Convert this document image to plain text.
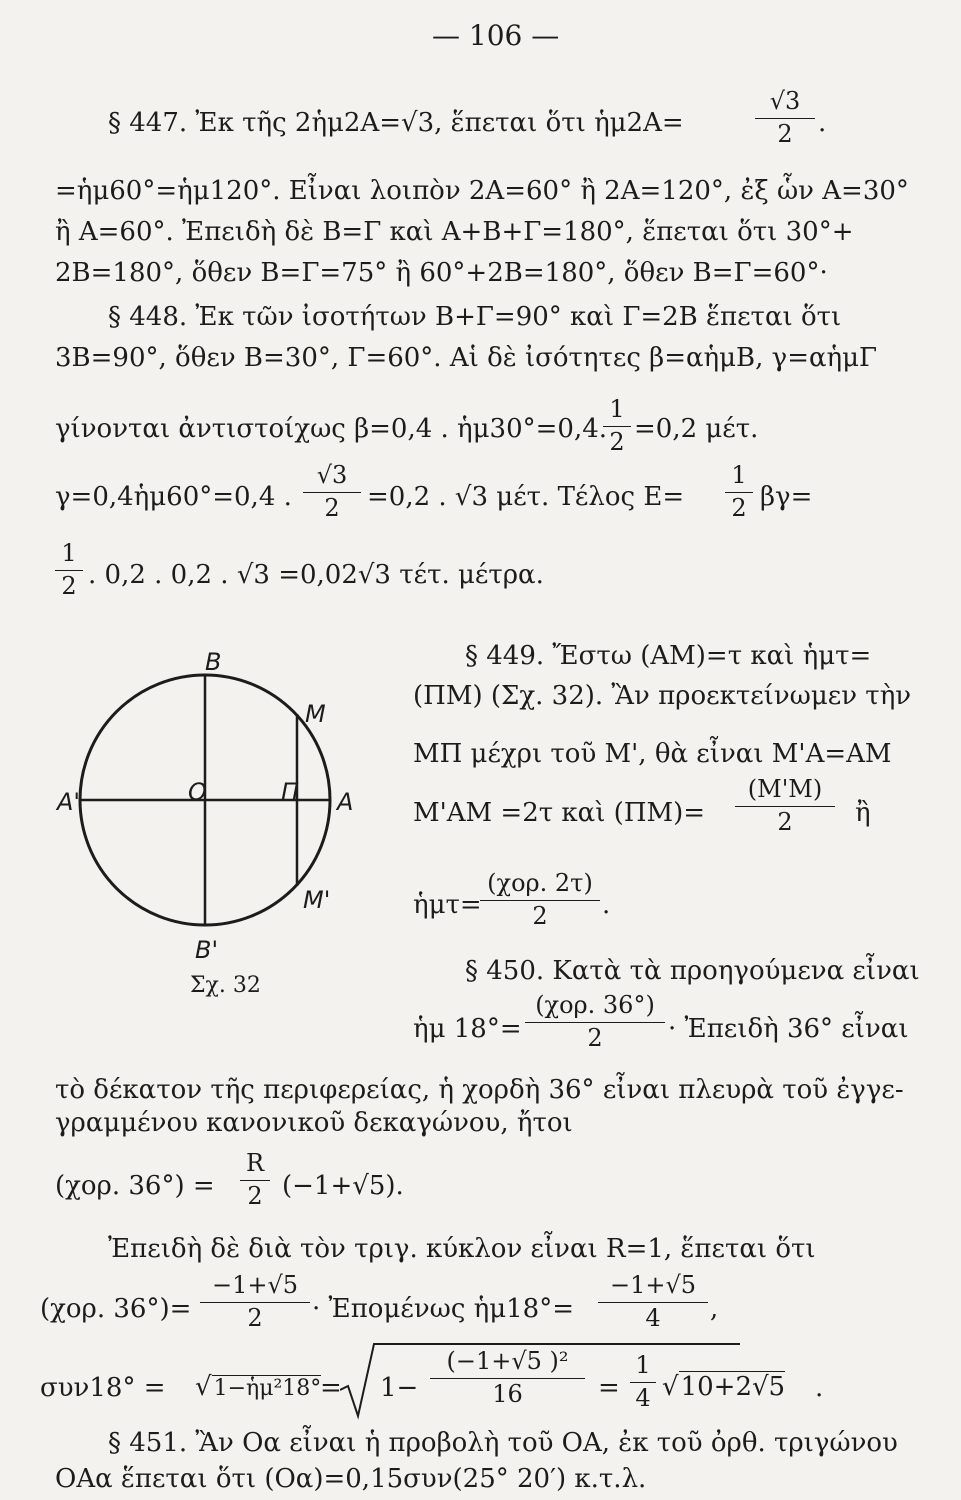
— 106 —
§ 447. Ἐκ τῆς 2ἡμ2A=√3, ἕπεται ὅτι ἡμ2A=
√3
2 .
=ἡμ60°=ἡμ120°. Εἶναι λοιπὸν 2A=60° ἢ 2A=120°, ἐξ ὧν A=30°
ἢ A=60°. Ἐπειδὴ δὲ B=Γ καὶ A+B+Γ=180°, ἕπεται ὅτι 30°+
2B=180°, ὅθεν B=Γ=75° ἢ 60°+2B=180°, ὅθεν B=Γ=60°·
§ 448. Ἐκ τῶν ἰσοτήτων B+Γ=90° καὶ Γ=2B ἕπεται ὅτι
3B=90°, ὅθεν B=30°, Γ=60°. Αἱ δὲ ἰσότητες β=αἡμB, γ=αἡμΓ
γίνονται ἀντιστοίχως β=0,4 . ἡμ30°=0,4.
1
2 =0,2 μέτ.
γ=0,4ἡμ60°=0,4 .
√3
2	=0,2 . √3 μέτ. Τέλος E=
1
2 βγ=
1
2 . 0,2 . 0,2 . √3 =0,02√3 τέτ. μέτρα.
B
M
A'	O	Π A
M'
B'
Σχ. 32
§ 449. Ἔστω (AM)=τ καὶ ἡμτ=
(ΠM) (Σχ. 32). Ἂν προεκτείνωμεν τὴν
MΠ μέχρι τοῦ M', θὰ εἶναι M'A=AM
M'AM =2τ καὶ (ΠM)=
(M'M)
2	ἢ
ἡμτ=
(χορ. 2τ)
2	.
§ 450. Κατὰ τὰ προηγούμενα εἶναι
ἡμ 18°=
(χορ. 36°)
2	· Ἐπειδὴ 36° εἶναι
τὸ δέκατον τῆς περιφερείας, ἡ χορδὴ 36° εἶναι πλευρὰ τοῦ ἐγγε-
γραμμένου κανονικοῦ δεκαγώνου, ἤτοι
(χορ. 36°) =
R
2 (−1+√5).
Ἐπειδὴ δὲ διὰ τὸν τριγ. κύκλον εἶναι R=1, ἕπεται ὅτι
(χορ. 36°)=
−1+√5
2	· Ἐπομένως ἡμ18°=
−1+√5
4	,
συν18° = √1−ἡμ²18°
= 1−
(−1+√5 )²
16	=
1
4 √10+2√5 .
§ 451. Ἂν Oα εἶναι ἡ προβολὴ τοῦ OA, ἐκ τοῦ ὀρθ. τριγώνου
OAα ἕπεται ὅτι (Oα)=0,15συν(25° 20′) κ.τ.λ.
